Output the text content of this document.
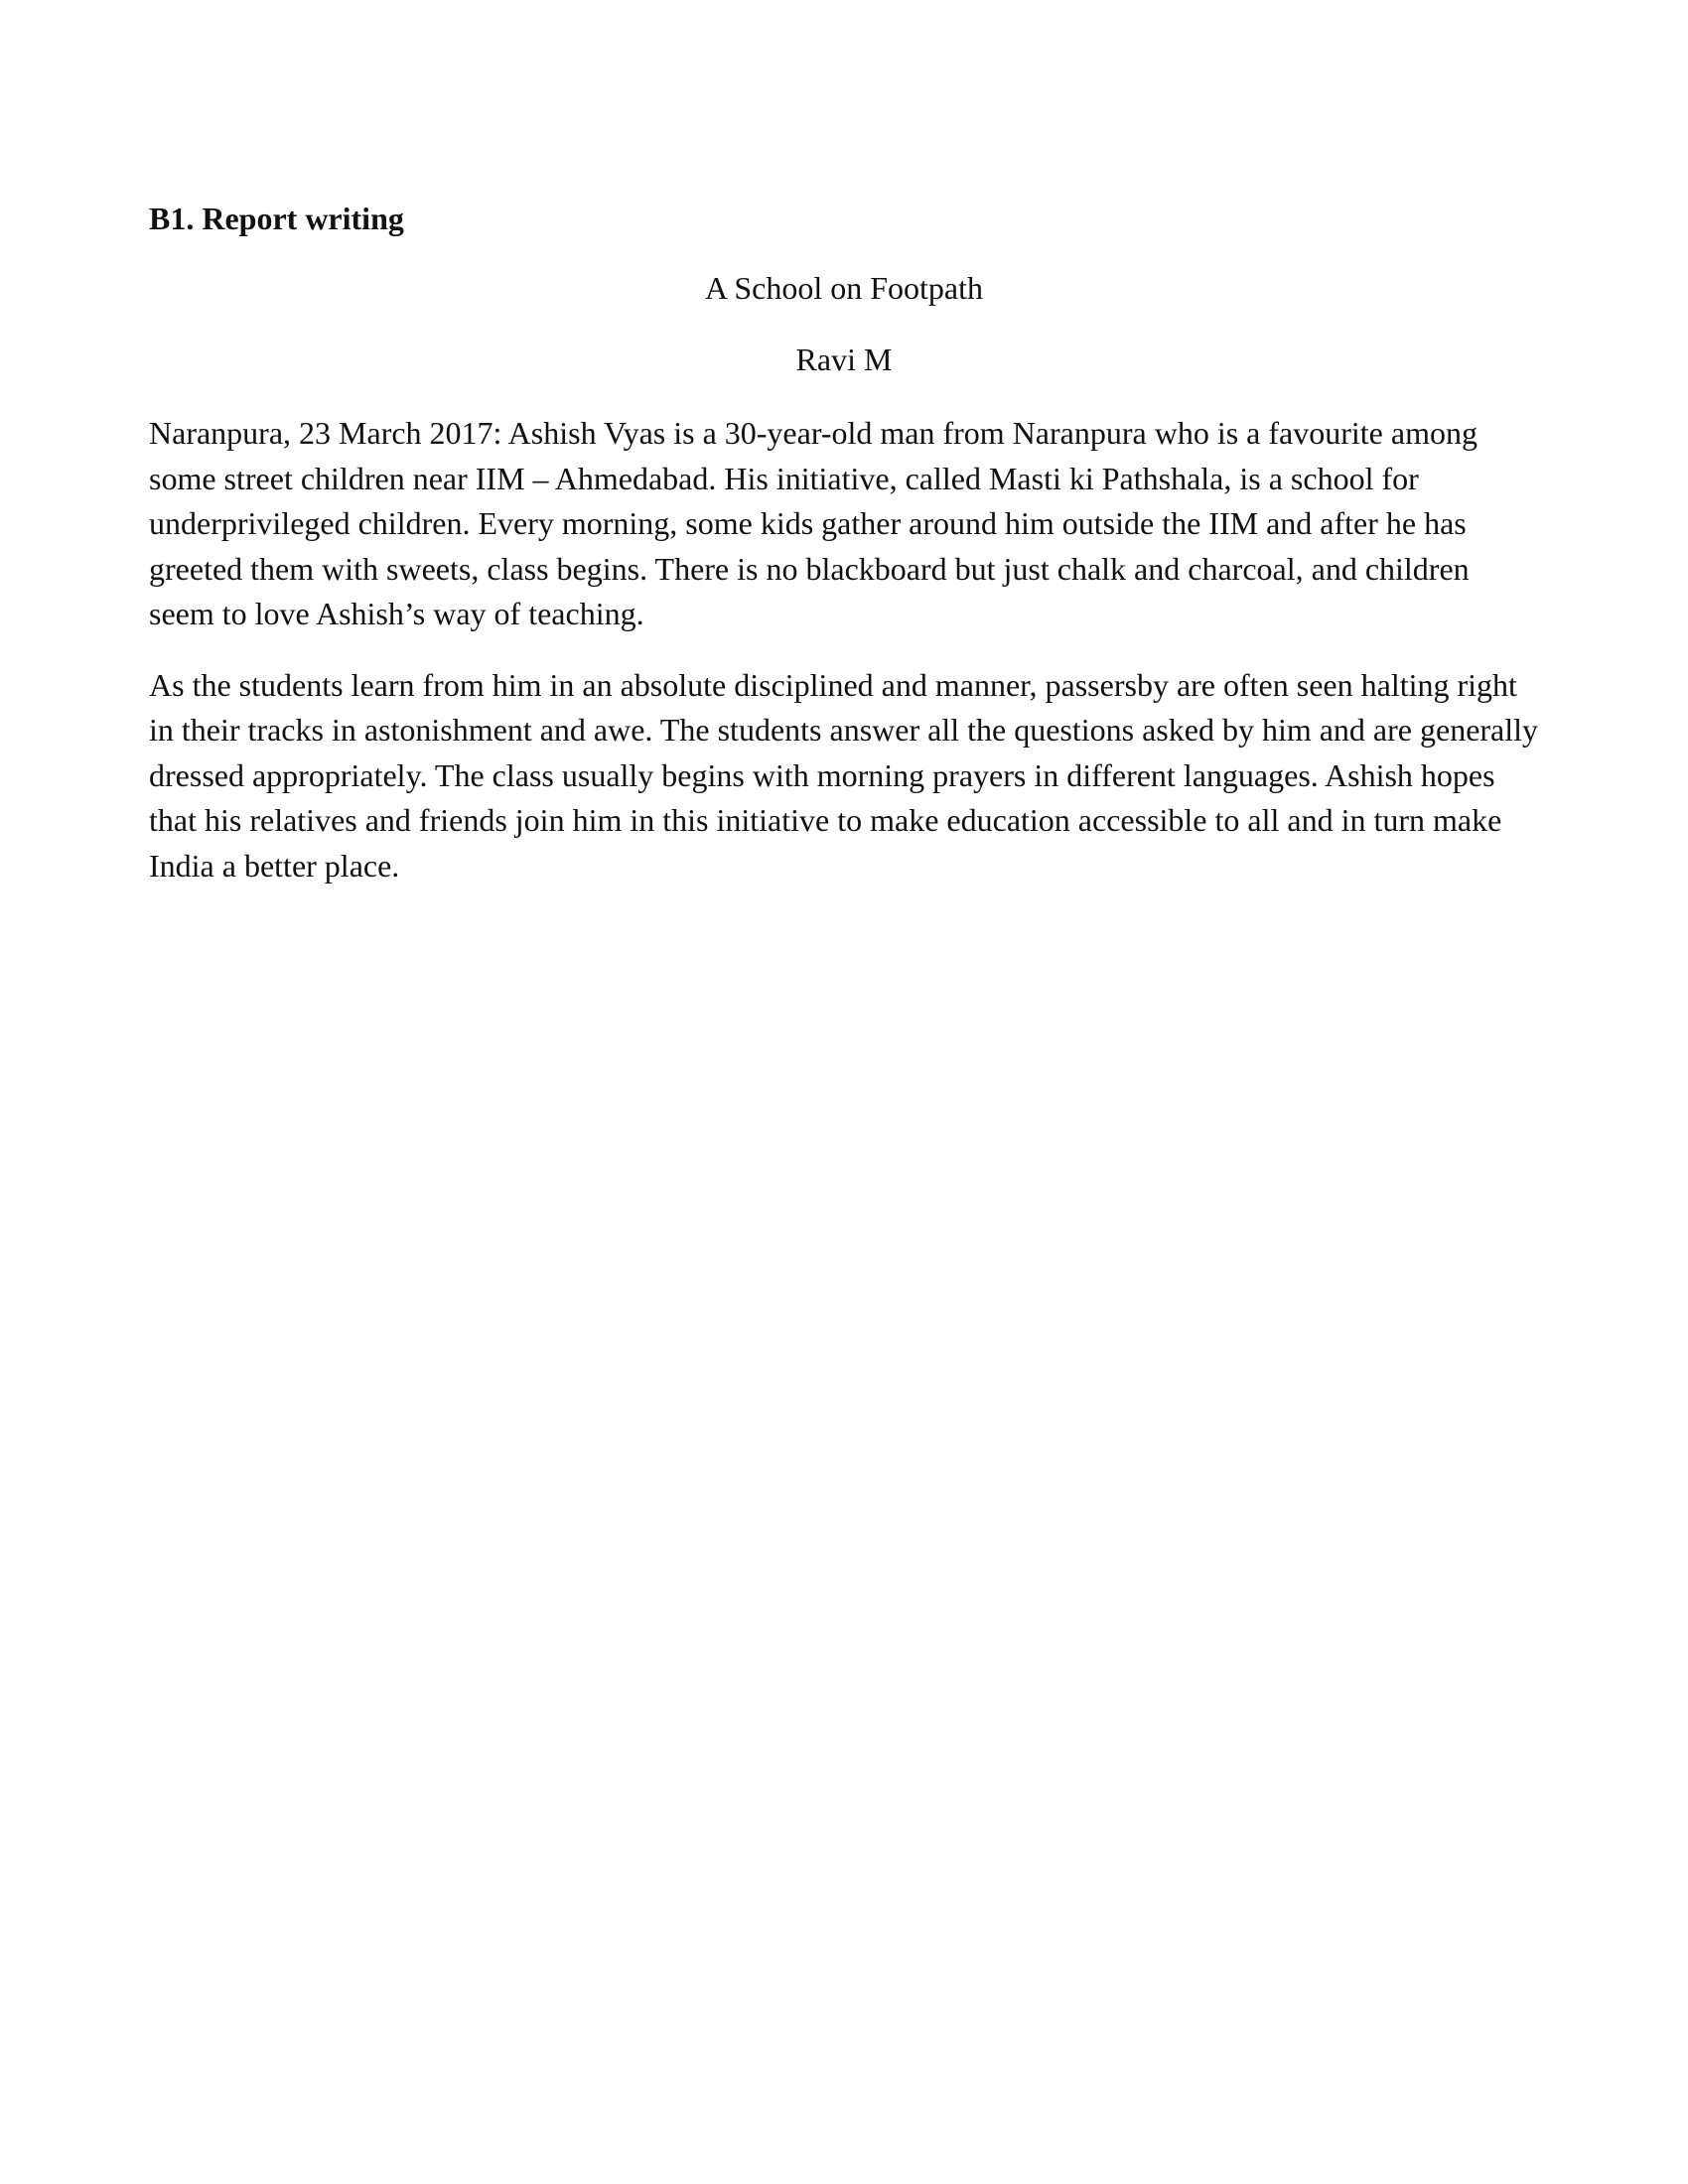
B1. Report writing
A School on Footpath
Ravi M

Naranpura, 23 March 2017: Ashish Vyas is a 30-year-old man from Naranpura who is a favourite among some street children near IIM – Ahmedabad. His initiative, called Masti ki Pathshala, is a school for underprivileged children. Every morning, some kids gather around him outside the IIM and after he has greeted them with sweets, class begins. There is no blackboard but just chalk and charcoal, and children seem to love Ashish’s way of teaching.

As the students learn from him in an absolute disciplined and manner, passersby are often seen halting right in their tracks in astonishment and awe. The students answer all the questions asked by him and are generally dressed appropriately. The class usually begins with morning prayers in different languages. Ashish hopes that his relatives and friends join him in this initiative to make education accessible to all and in turn make India a better place.
